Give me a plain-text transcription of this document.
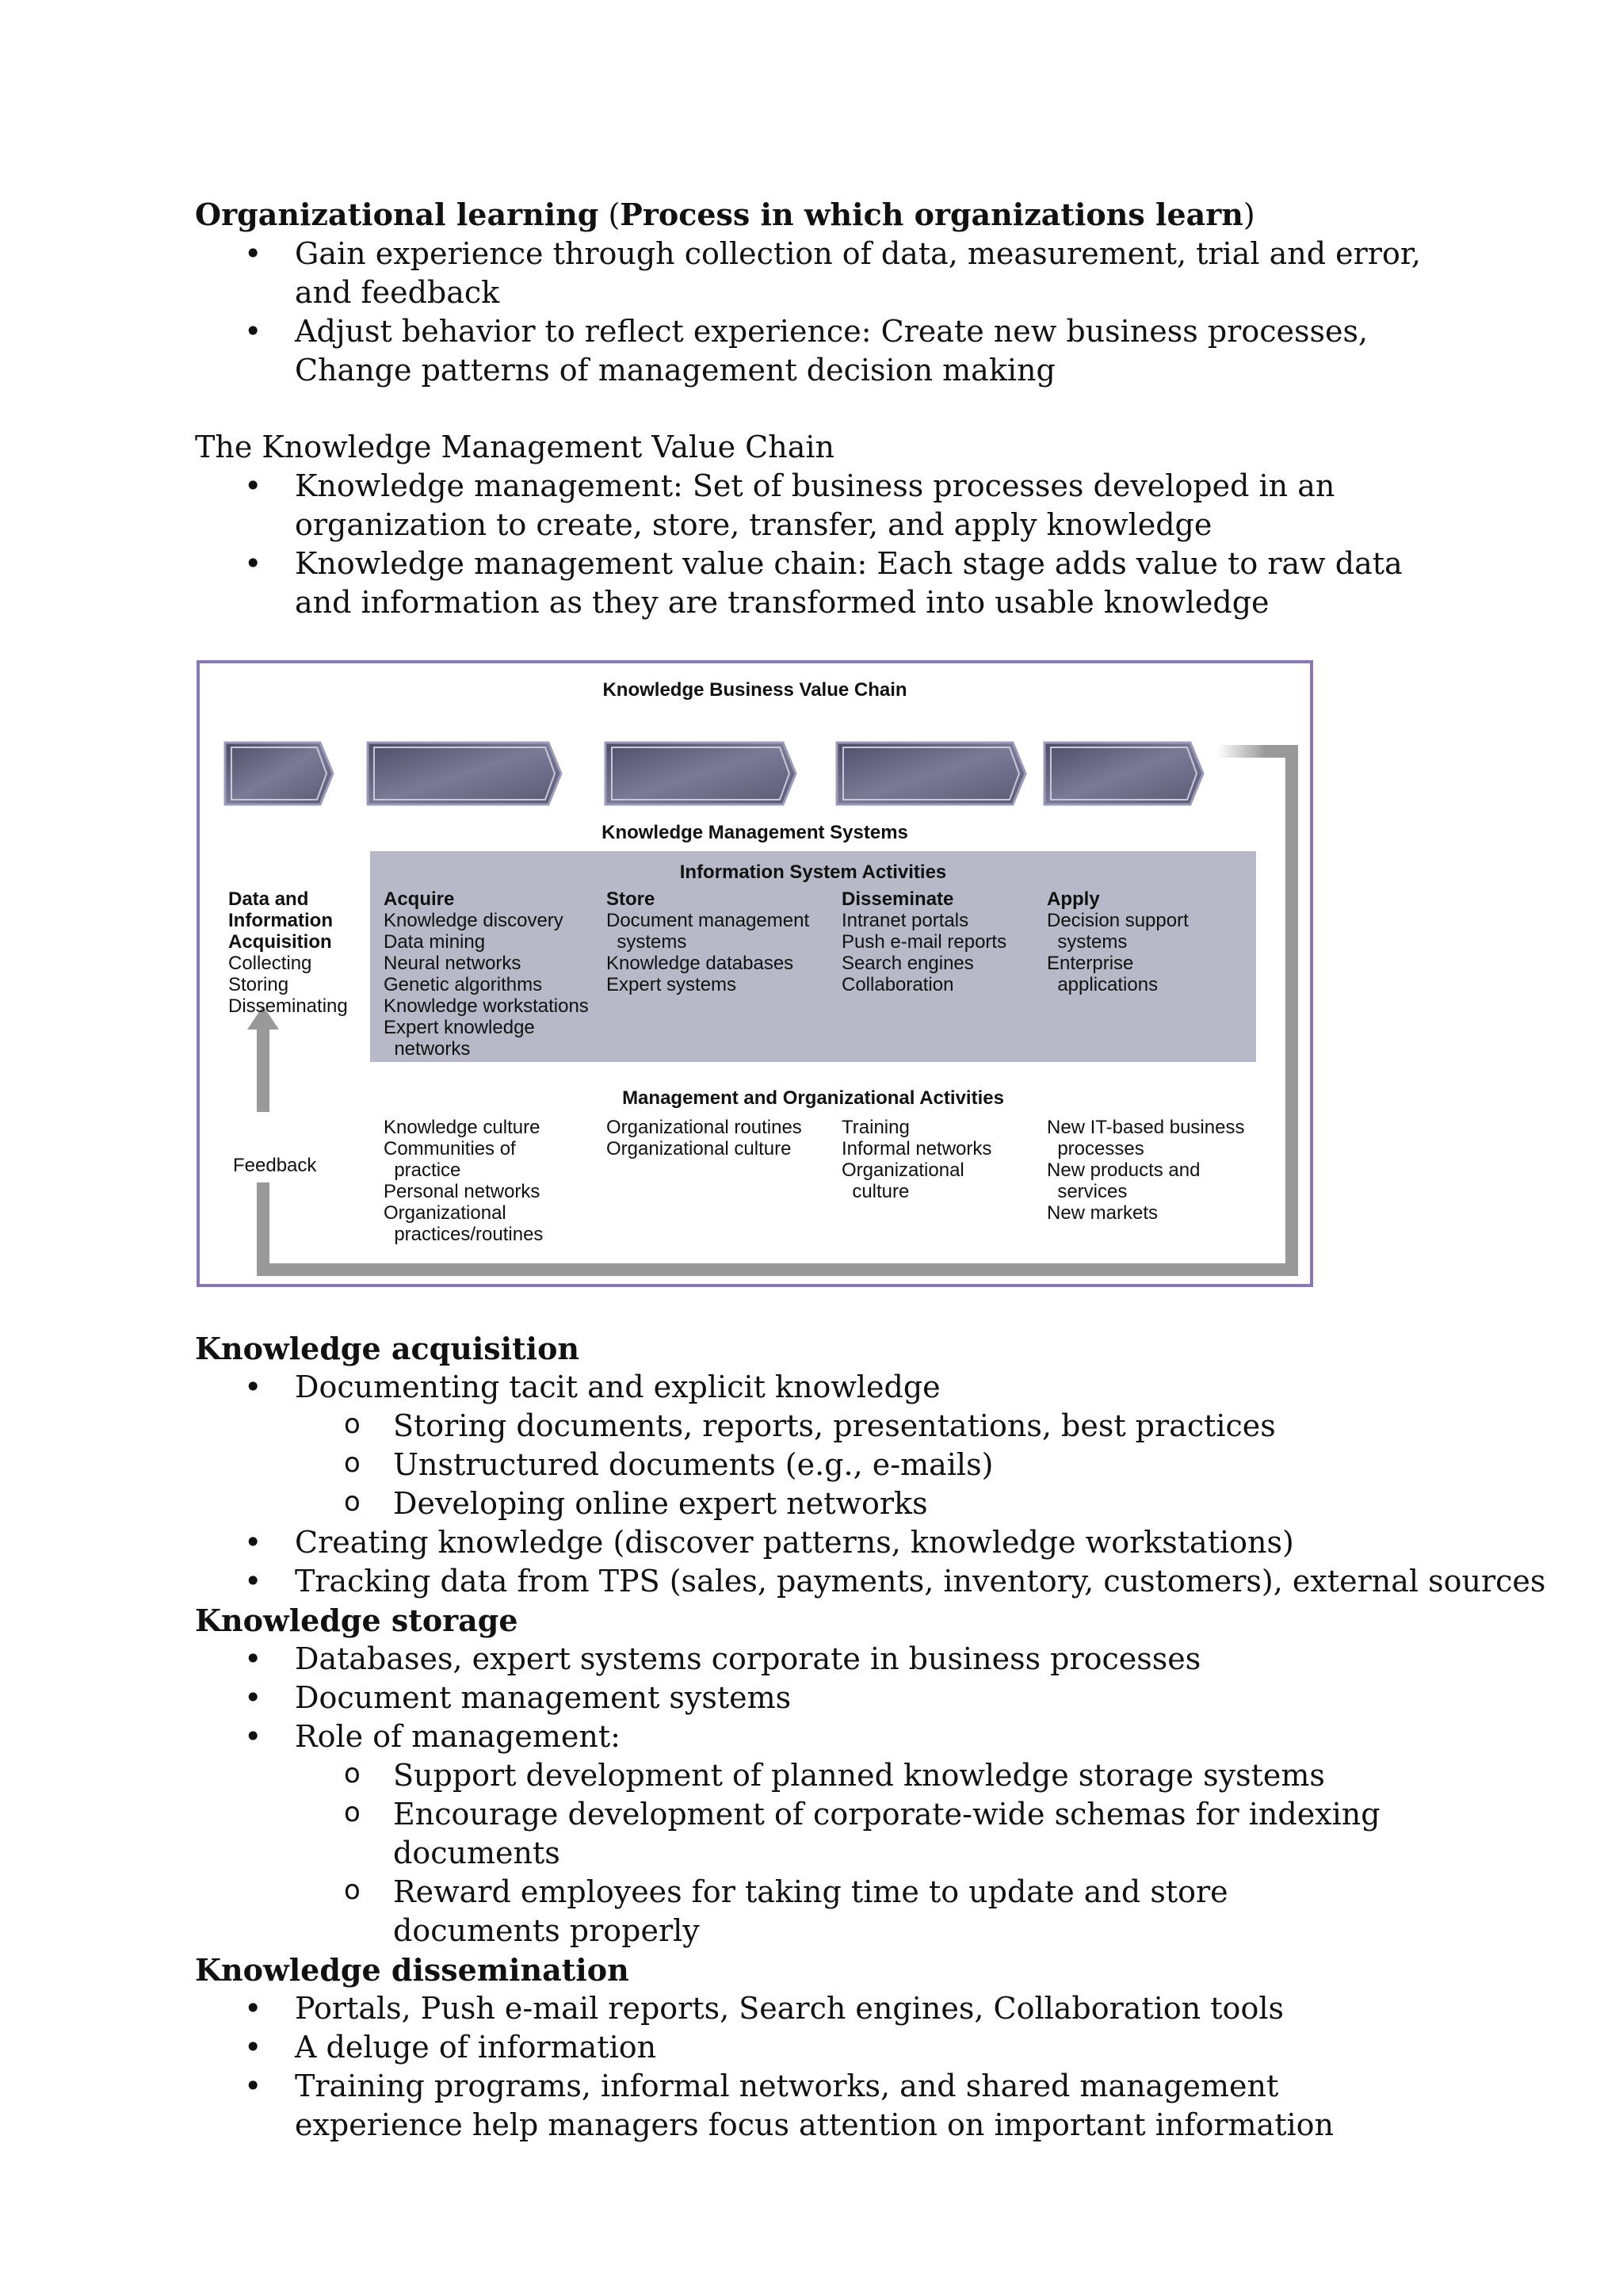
Organizational learning (Process in which organizations learn)
• Gain experience through collection of data, measurement, trial and error, and feedback
• Adjust behavior to reflect experience: Create new business processes, Change patterns of management decision making
The Knowledge Management Value Chain
• Knowledge management: Set of business processes developed in an organization to create, store, transfer, and apply knowledge
• Knowledge management value chain: Each stage adds value to raw data and information as they are transformed into usable knowledge
Knowledge Business Value Chain
Knowledge Management Systems
Information System Activities
Data and
Information
Acquisition
Collecting
Storing
Disseminating
Acquire
Knowledge discovery
Data mining
Neural networks
Genetic algorithms
Knowledge workstations
Expert knowledge
networks
Store
Document management
systems
Knowledge databases
Expert systems
Disseminate
Intranet portals
Push e-mail reports
Search engines
Collaboration
Apply
Decision support
systems
Enterprise
applications
Management and Organizational Activities
Feedback
Knowledge culture
Communities of
practice
Personal networks
Organizational
practices/routines
Organizational routines
Organizational culture
Training
Informal networks
Organizational
culture
New IT-based business
processes
New products and
services
New markets
Knowledge acquisition
• Documenting tacit and explicit knowledge
o Storing documents, reports, presentations, best practices
o Unstructured documents (e.g., e-mails)
o Developing online expert networks
• Creating knowledge (discover patterns, knowledge workstations)
• Tracking data from TPS (sales, payments, inventory, customers), external sources
Knowledge storage
• Databases, expert systems corporate in business processes
• Document management systems
• Role of management:
o Support development of planned knowledge storage systems
o Encourage development of corporate-wide schemas for indexing documents
o Reward employees for taking time to update and store documents properly
Knowledge dissemination
• Portals, Push e-mail reports, Search engines, Collaboration tools
• A deluge of information
• Training programs, informal networks, and shared management experience help managers focus attention on important information
